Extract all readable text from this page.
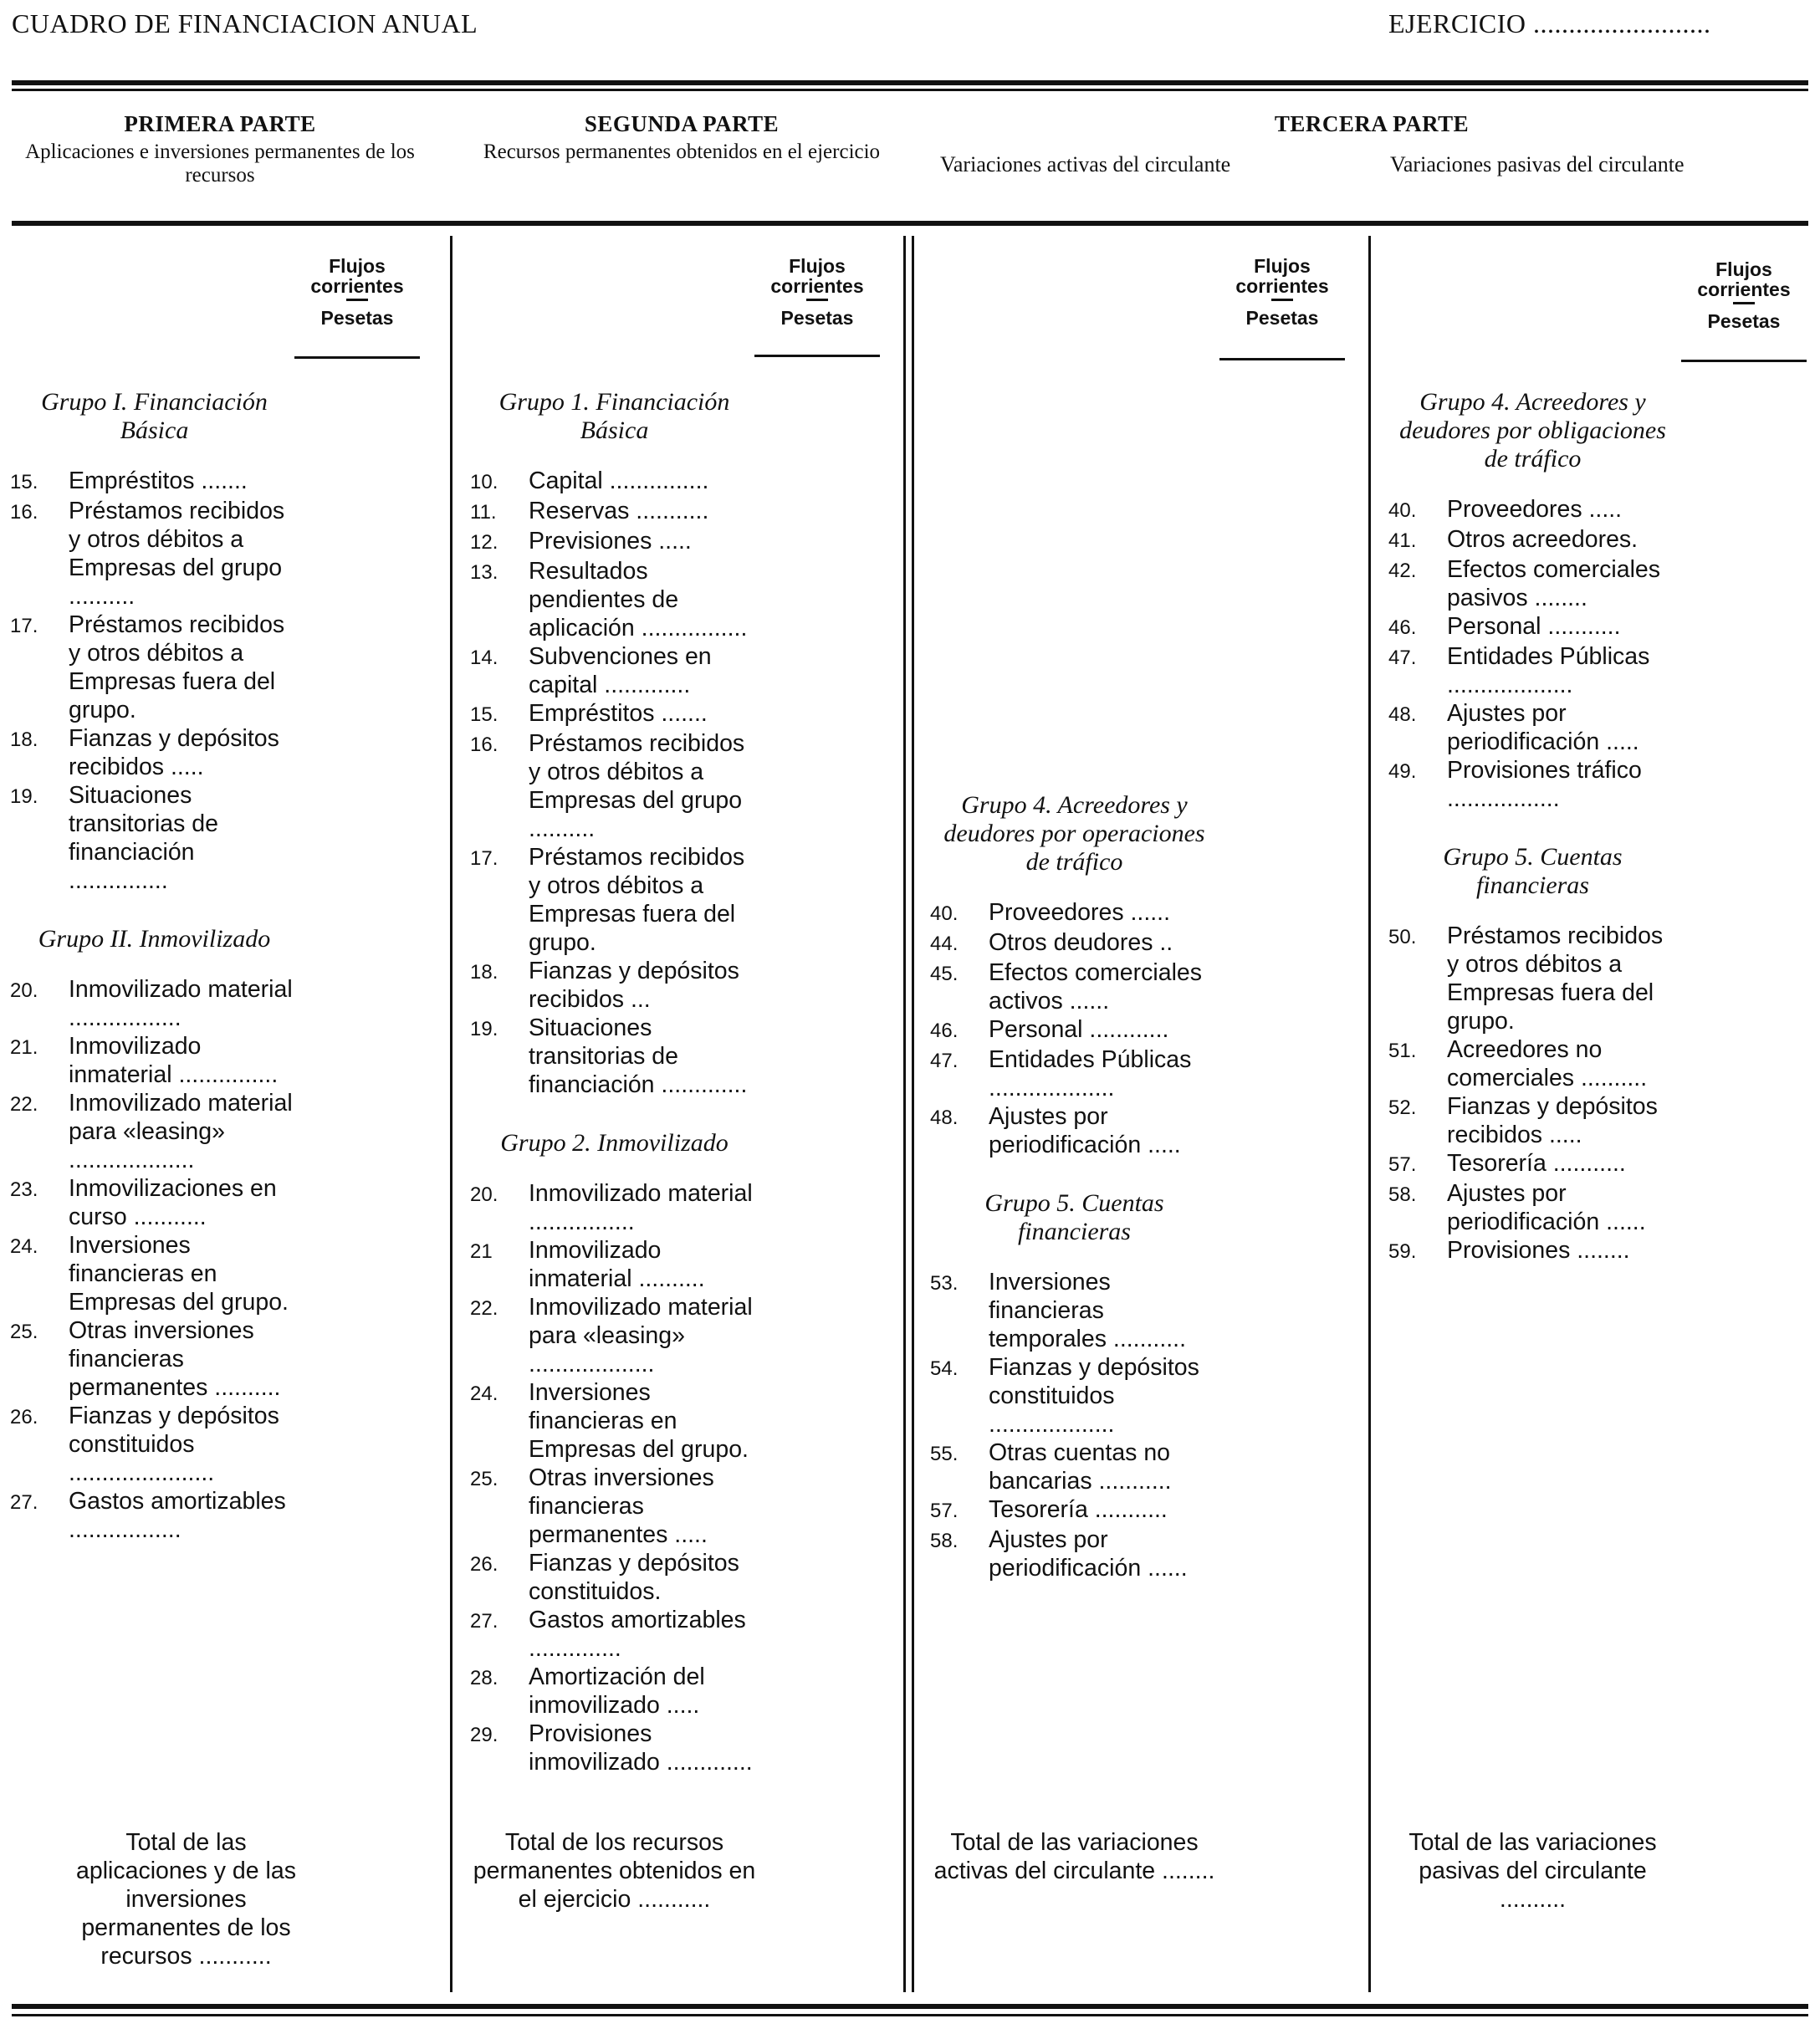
CUADRO DE FINANCIACION ANUAL	EJERCICIO .........................
PRIMERA PARTE
Aplicaciones e inversiones permanentes de los recursos
SEGUNDA PARTE
Recursos permanentes obtenidos en el ejercicio
TERCERA PARTE
Variaciones activas del circulante	Variaciones pasivas del circulante
Flujos
corrientes
Pesetas
Flujos
corrientes
Pesetas
Flujos
corrientes
Pesetas
Flujos
corrientes
Pesetas
Grupo I. Financiación Básica
15.	Empréstitos .......
16.	Préstamos recibidos y otros débitos a Empresas del grupo ..........
17.	Préstamos recibidos y otros débitos a Empresas fuera del grupo.
18.	Fianzas y depósitos recibidos .....
19.	Situaciones transitorias de financiación ...............
Grupo II. Inmovilizado
20.	Inmovilizado material .................
21.	Inmovilizado inmaterial ...............
22.	Inmovilizado material para «leasing» ...................
23.	Inmovilizaciones en curso ...........
24.	Inversiones financieras en Empresas del grupo.
25.	Otras inversiones financieras permanentes ..........
26.	Fianzas y depósitos constituidos ......................
27.	Gastos amortizables .................
Total de las aplicaciones y de las inversiones permanentes de los recursos ...........
Grupo 1. Financiación Básica
10.	Capital ...............
11.	Reservas ...........
12.	Previsiones .....
13.	Resultados pendientes de aplicación ................
14.	Subvenciones en capital .............
15.	Empréstitos .......
16.	Préstamos recibidos y otros débitos a Empresas del grupo ..........
17.	Préstamos recibidos y otros débitos a Empresas fuera del grupo.
18.	Fianzas y depósitos recibidos ...
19.	Situaciones transitorias de financiación .............
Grupo 2. Inmovilizado
20.	Inmovilizado material ................
21	Inmovilizado inmaterial ..........
22.	Inmovilizado material para «leasing» ...................
24.	Inversiones financieras en Empresas del grupo.
25.	Otras inversiones financieras permanentes .....
26.	Fianzas y depósitos constituidos.
27.	Gastos amortizables ..............
28.	Amortización del inmovilizado .....
29.	Provisiones inmovilizado .............
Total de los recursos permanentes obtenidos en el ejercicio ...........
Grupo 4. Acreedores y deudores por operaciones de tráfico
40.	Proveedores ......
44.	Otros deudores ..
45.	Efectos comerciales activos ......
46.	Personal ............
47.	Entidades Públicas ...................
48.	Ajustes por periodificación .....
Grupo 5. Cuentas financieras
53.	Inversiones financieras temporales ...........
54.	Fianzas y depósitos constituidos ...................
55.	Otras cuentas no bancarias ...........
57.	Tesorería ...........
58.	Ajustes por periodificación ......
Total de las variaciones activas del circulante ........
Grupo 4. Acreedores y deudores por obligaciones de tráfico
40.	Proveedores .....
41.	Otros acreedores.
42.	Efectos comerciales pasivos ........
46.	Personal ...........
47.	Entidades Públicas ...................
48.	Ajustes por periodificación .....
49.	Provisiones tráfico .................
Grupo 5. Cuentas financieras
50.	Préstamos recibidos y otros débitos a Empresas fuera del grupo.
51.	Acreedores no comerciales ..........
52.	Fianzas y depósitos recibidos .....
57.	Tesorería ...........
58.	Ajustes por periodificación ......
59.	Provisiones ........
Total de las variaciones pasivas del circulante ..........
